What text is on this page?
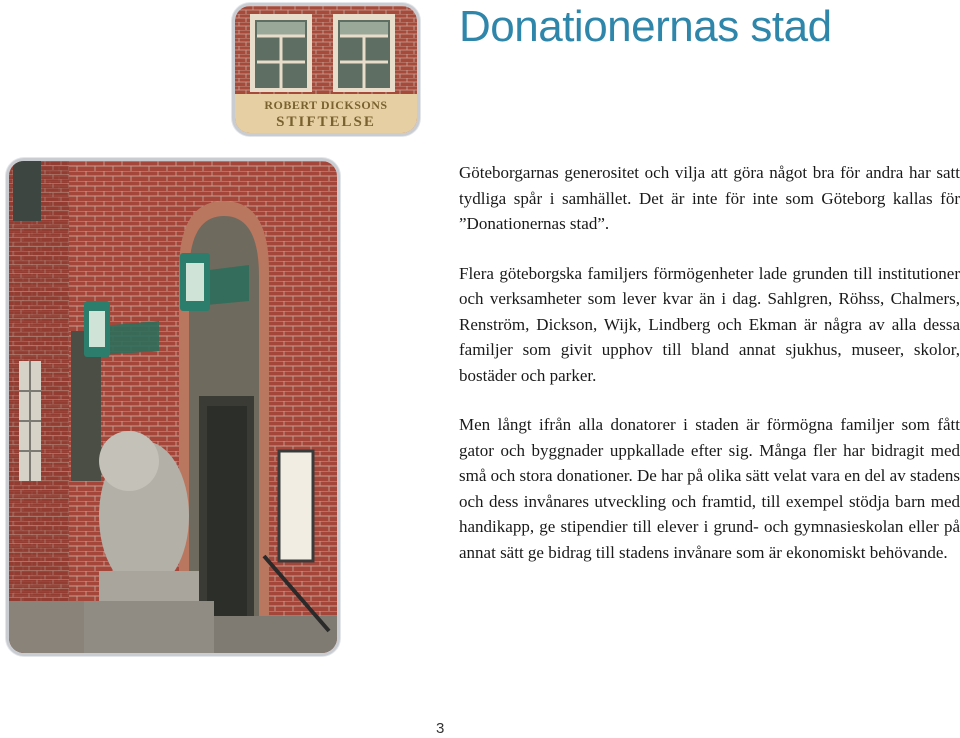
ROBERT DICKSONS
STIFTELSE
Donationernas stad

Göteborgarnas generositet och vilja att göra något bra för andra har satt tydliga spår i samhället. Det är inte för inte som Göteborg kallas för ”Donationernas stad”.

Flera göteborgska familjers förmögenheter lade grunden till institutioner och verksamheter som lever kvar än i dag. Sahlgren, Röhss, Chalmers, Renström, Dickson, Wijk, Lindberg och Ekman är några av alla dessa familjer som givit upphov till bland annat sjukhus, museer, skolor, bostäder och parker.

Men långt ifrån alla donatorer i staden är förmögna familjer som fått gator och byggnader uppkallade efter sig. Många fler har bidragit med små och stora donationer. De har på olika sätt velat vara en del av stadens och dess invånares utveckling och framtid, till exempel stödja barn med handikapp, ge stipendier till elever i grund- och gymnasieskolan eller på annat sätt ge bidrag till stadens invånare som är ekonomiskt behövande.

3
